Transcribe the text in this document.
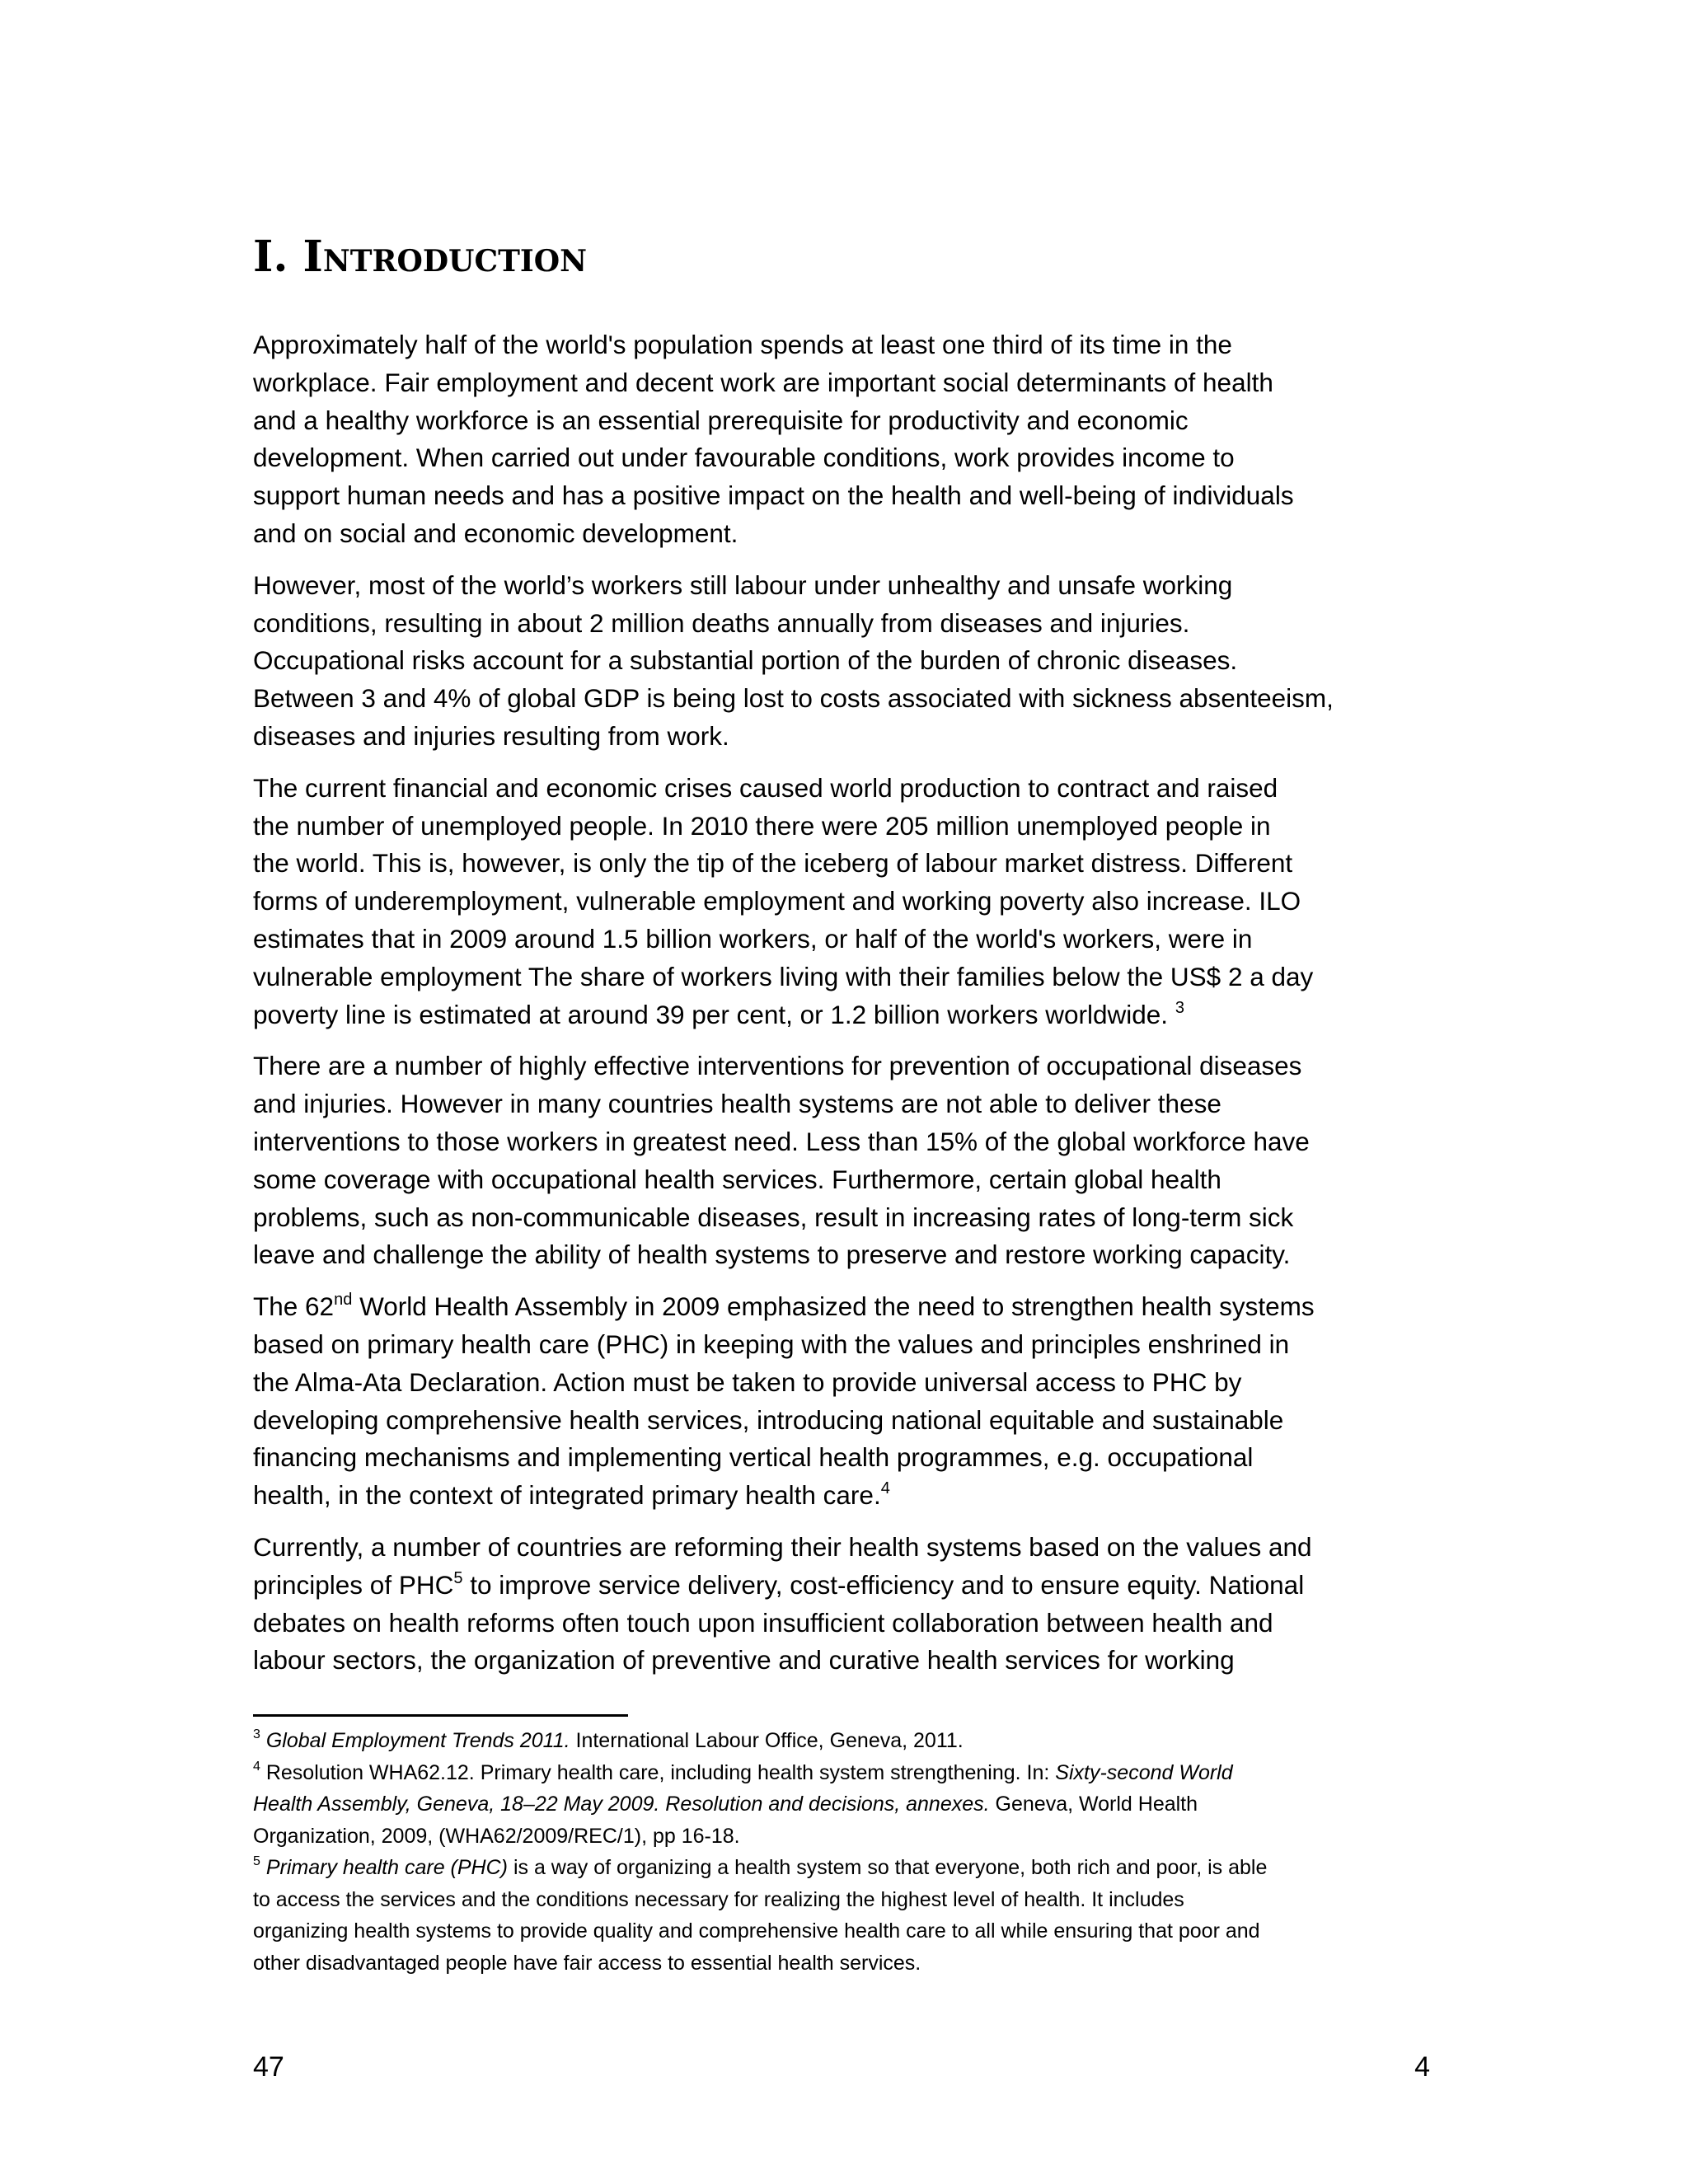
I. Introduction

Approximately half of the world's population spends at least one third of its time in the
workplace. Fair employment and decent work are important social determinants of health
and a healthy workforce is an essential prerequisite for productivity and economic
development. When carried out under favourable conditions, work provides income to
support human needs and has a positive impact on the health and well-being of individuals
and on social and economic development.

However, most of the world’s workers still labour under unhealthy and unsafe working
conditions, resulting in about 2 million deaths annually from diseases and injuries.
Occupational risks account for a substantial portion of the burden of chronic diseases.
Between 3 and 4% of global GDP is being lost to costs associated with sickness absenteeism,
diseases and injuries resulting from work.

The current financial and economic crises caused world production to contract and raised
the number of unemployed people. In 2010 there were 205 million unemployed people in
the world. This is, however, is only the tip of the iceberg of labour market distress. Different
forms of underemployment, vulnerable employment and working poverty also increase. ILO
estimates that in 2009 around 1.5 billion workers, or half of the world's workers, were in
vulnerable employment The share of workers living with their families below the US$ 2 a day
poverty line is estimated at around 39 per cent, or 1.2 billion workers worldwide. $^3$

There are a number of highly effective interventions for prevention of occupational diseases
and injuries. However in many countries health systems are not able to deliver these
interventions to those workers in greatest need. Less than 15% of the global workforce have
some coverage with occupational health services. Furthermore, certain global health
problems, such as non-communicable diseases, result in increasing rates of long-term sick
leave and challenge the ability of health systems to preserve and restore working capacity.

The 62nd World Health Assembly in 2009 emphasized the need to strengthen health systems
based on primary health care (PHC) in keeping with the values and principles enshrined in
the Alma-Ata Declaration. Action must be taken to provide universal access to PHC by
developing comprehensive health services, introducing national equitable and sustainable
financing mechanisms and implementing vertical health programmes, e.g. occupational
health, in the context of integrated primary health care.$^4$

Currently, a number of countries are reforming their health systems based on the values and
principles of PHC$^5$ to improve service delivery, cost-efficiency and to ensure equity. National
debates on health reforms often touch upon insufficient collaboration between health and
labour sectors, the organization of preventive and curative health services for working

$^3$ Global Employment Trends 2011. International Labour Office, Geneva, 2011.
$^4$ Resolution WHA62.12. Primary health care, including health system strengthening. In: Sixty-second World
Health Assembly, Geneva, 18–22 May 2009. Resolution and decisions, annexes. Geneva, World Health
Organization, 2009, (WHA62/2009/REC/1), pp 16-18.
$^5$ Primary health care (PHC) is a way of organizing a health system so that everyone, both rich and poor, is able
to access the services and the conditions necessary for realizing the highest level of health. It includes
organizing health systems to provide quality and comprehensive health care to all while ensuring that poor and
other disadvantaged people have fair access to essential health services.
47	4
